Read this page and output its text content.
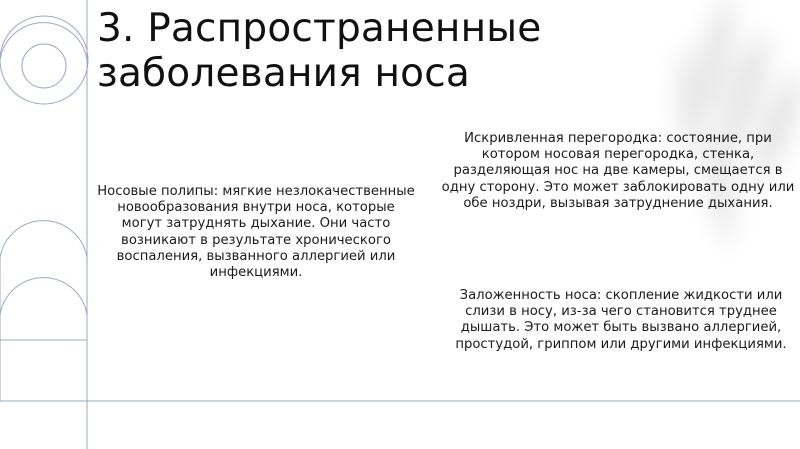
3. Распространенные заболевания носа

Носовые полипы: мягкие незлокачественные новообразования внутри носа, которые могут затруднять дыхание. Они часто возникают в результате хронического воспаления, вызванного аллергией или инфекциями.

Искривленная перегородка: состояние, при котором носовая перегородка, стенка, разделяющая нос на две камеры, смещается в одну сторону. Это может заблокировать одну или обе ноздри, вызывая затруднение дыхания.

Заложенность носа: скопление жидкости или слизи в носу, из-за чего становится труднее дышать. Это может быть вызвано аллергией, простудой, гриппом или другими инфекциями.
